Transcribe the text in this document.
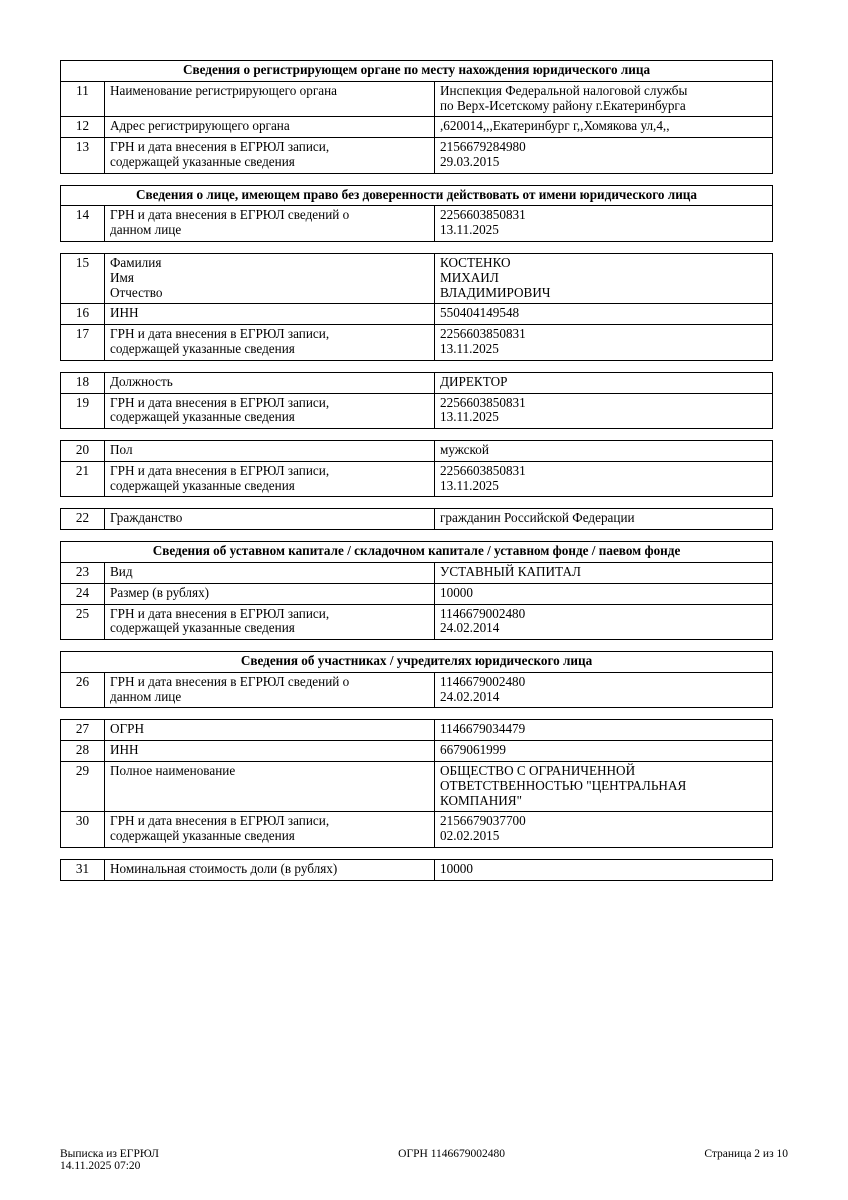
Сведения о регистрирующем органе по месту нахождения юридического лица		
11	Наименование регистрирующего органа	Инспекция Федеральной налоговой службы
по Верх-Исетскому району г.Екатеринбурга

12	Адрес регистрирующего органа	,620014,,,Екатеринбург г,,Хомякова ул,4,,
13	ГРН и дата внесения в ЕГРЮЛ записи,
содержащей указанные сведения	2156679284980
29.03.2015

Сведения о лице, имеющем право без доверенности действовать от имени юридического лица		
14	ГРН и дата внесения в ЕГРЮЛ сведений о
данном лице	2256603850831
13.11.2025

15	Фамилия
Имя
Отчество	КОСТЕНКО
МИХАИЛ
ВЛАДИМИРОВИЧ

16	ИНН	550404149548
17	ГРН и дата внесения в ЕГРЮЛ записи,
содержащей указанные сведения	2256603850831
13.11.2025

18	Должность	ДИРЕКТОР
19	ГРН и дата внесения в ЕГРЮЛ записи,
содержащей указанные сведения	2256603850831
13.11.2025

20	Пол	мужской
21	ГРН и дата внесения в ЕГРЮЛ записи,
содержащей указанные сведения	2256603850831
13.11.2025

22	Гражданство	гражданин Российской Федерации

Сведения об уставном капитале / складочном капитале / уставном фонде / паевом фонде		
23	Вид	УСТАВНЫЙ КАПИТАЛ
24	Размер (в рублях)	10000
25	ГРН и дата внесения в ЕГРЮЛ записи,
содержащей указанные сведения	1146679002480
24.02.2014

Сведения об участниках / учредителях юридического лица		
26	ГРН и дата внесения в ЕГРЮЛ сведений о
данном лице	1146679002480
24.02.2014

27	ОГРН	1146679034479
28	ИНН	6679061999
29	Полное наименование	ОБЩЕСТВО С ОГРАНИЧЕННОЙ
ОТВЕТСТВЕННОСТЬЮ "ЦЕНТРАЛЬНАЯ
КОМПАНИЯ"

30	ГРН и дата внесения в ЕГРЮЛ записи,
содержащей указанные сведения	2156679037700
02.02.2015

31	Номинальная стоимость доли (в рублях)	10000
Выписка из ЕГРЮЛ
14.11.2025 07:20
ОГРН 1146679002480	Страница 2 из 10
